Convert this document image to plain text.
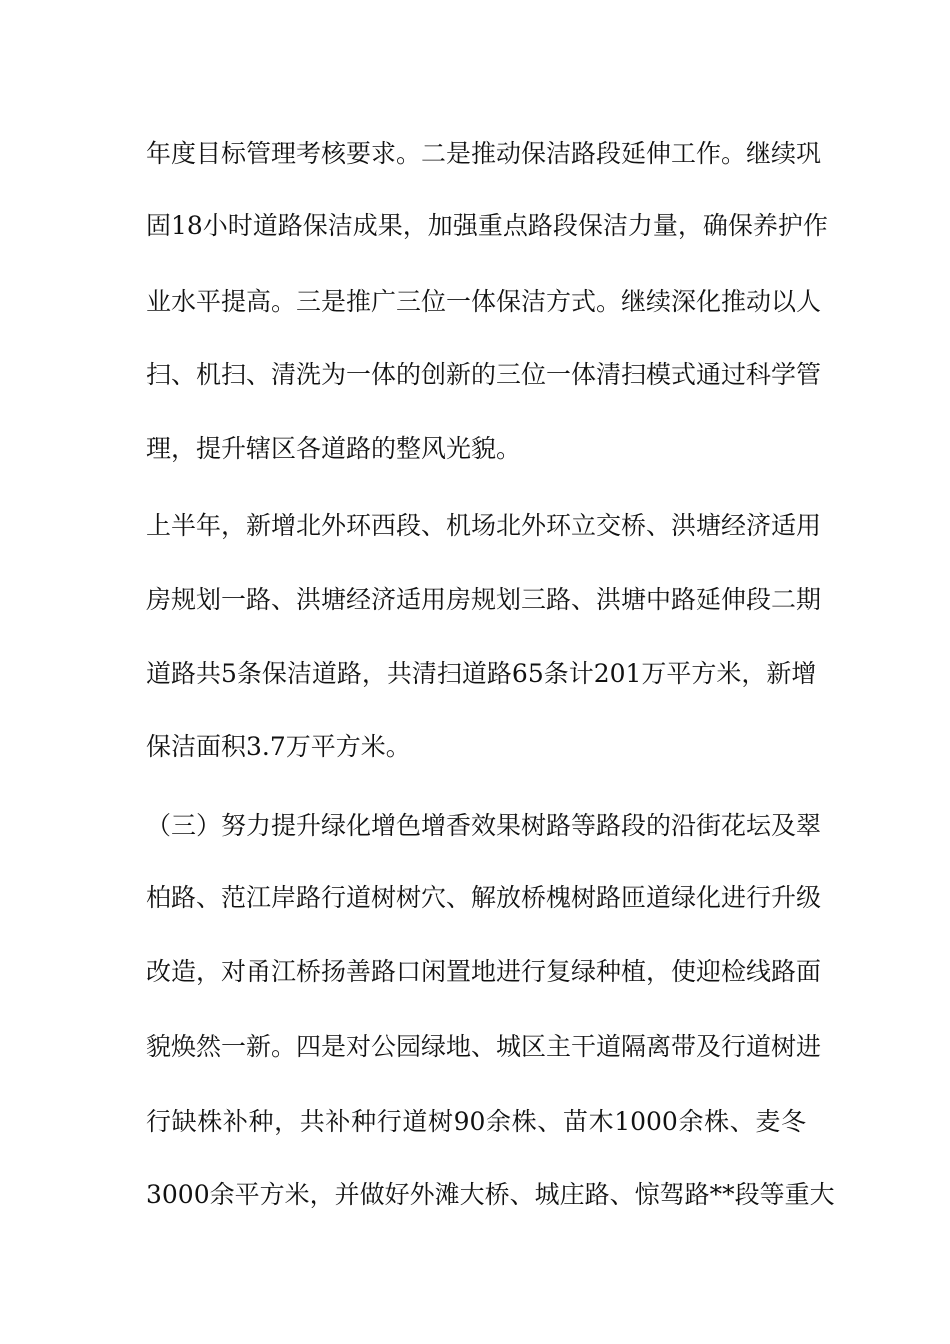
年度目标管理考核要求。二是推动保洁路段延伸工作。继续巩
固18小时道路保洁成果，加强重点路段保洁力量，确保养护作
业水平提高。三是推广三位一体保洁方式。继续深化推动以人
扫、机扫、清洗为一体的创新的三位一体清扫模式通过科学管
理，提升辖区各道路的整风光貌。
上半年，新增北外环西段、机场北外环立交桥、洪塘经济适用
房规划一路、洪塘经济适用房规划三路、洪塘中路延伸段二期
道路共5条保洁道路，共清扫道路65条计201万平方米，新增
保洁面积3.7万平方米。
（三）努力提升绿化增色增香效果树路等路段的沿街花坛及翠
柏路、范江岸路行道树树穴、解放桥槐树路匝道绿化进行升级
改造，对甬江桥扬善路口闲置地进行复绿种植，使迎检线路面
貌焕然一新。四是对公园绿地、城区主干道隔离带及行道树进
行缺株补种，共补种行道树90余株、苗木1000余株、麦冬
3000余平方米，并做好外滩大桥、城庄路、惊驾路**段等重大
